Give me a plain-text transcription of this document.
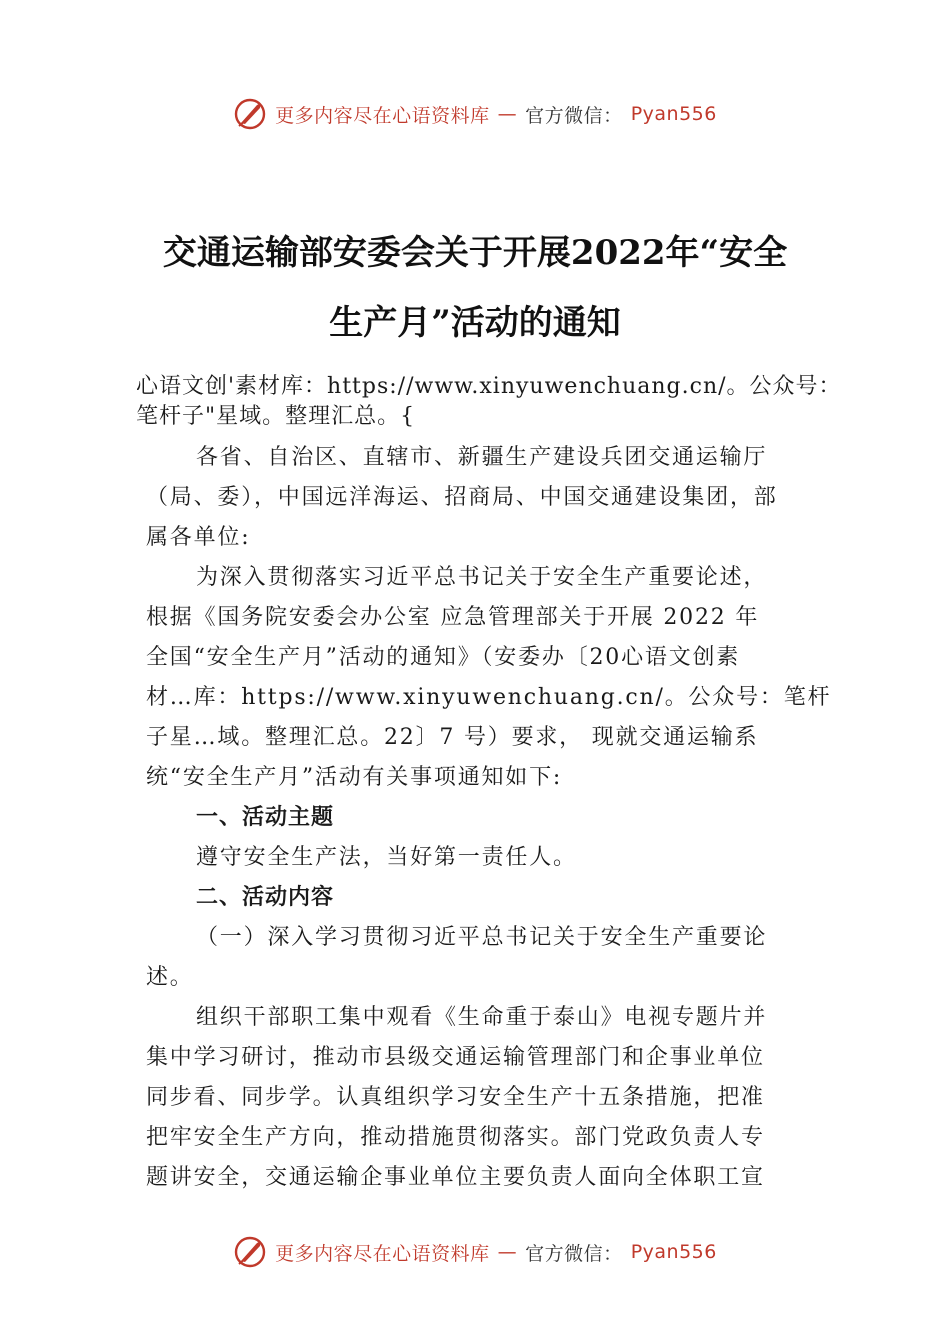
更多内容尽在心语资料库 — 官方微信： Pyan556
交通运输部安委会关于开展2022年“安全
生产月”活动的通知
心语文创'素材库：https://www.xinyuwenchuang.cn/。公众号：
笔杆子"星域。整理汇总。{
各省、自治区、直辖市、新疆生产建设兵团交通运输厅
（局、委），中国远洋海运、招商局、中国交通建设集团，部
属各单位:
为深入贯彻落实习近平总书记关于安全生产重要论述，
根据《国务院安委会办公室 应急管理部关于开展 2022 年
全国“安全生产月”活动的通知》（安委办〔20心语文创素
材…库：https://www.xinyuwenchuang.cn/。公众号：笔杆
子星…域。整理汇总。22〕7 号）要求， 现就交通运输系
统“安全生产月”活动有关事项通知如下:
一、活动主题
遵守安全生产法，当好第一责任人。
二、活动内容
（一）深入学习贯彻习近平总书记关于安全生产重要论
述。
组织干部职工集中观看《生命重于泰山》电视专题片并
集中学习研讨，推动市县级交通运输管理部门和企事业单位
同步看、同步学。认真组织学习安全生产十五条措施，把准
把牢安全生产方向，推动措施贯彻落实。部门党政负责人专
题讲安全，交通运输企事业单位主要负责人面向全体职工宣
更多内容尽在心语资料库 — 官方微信： Pyan556
